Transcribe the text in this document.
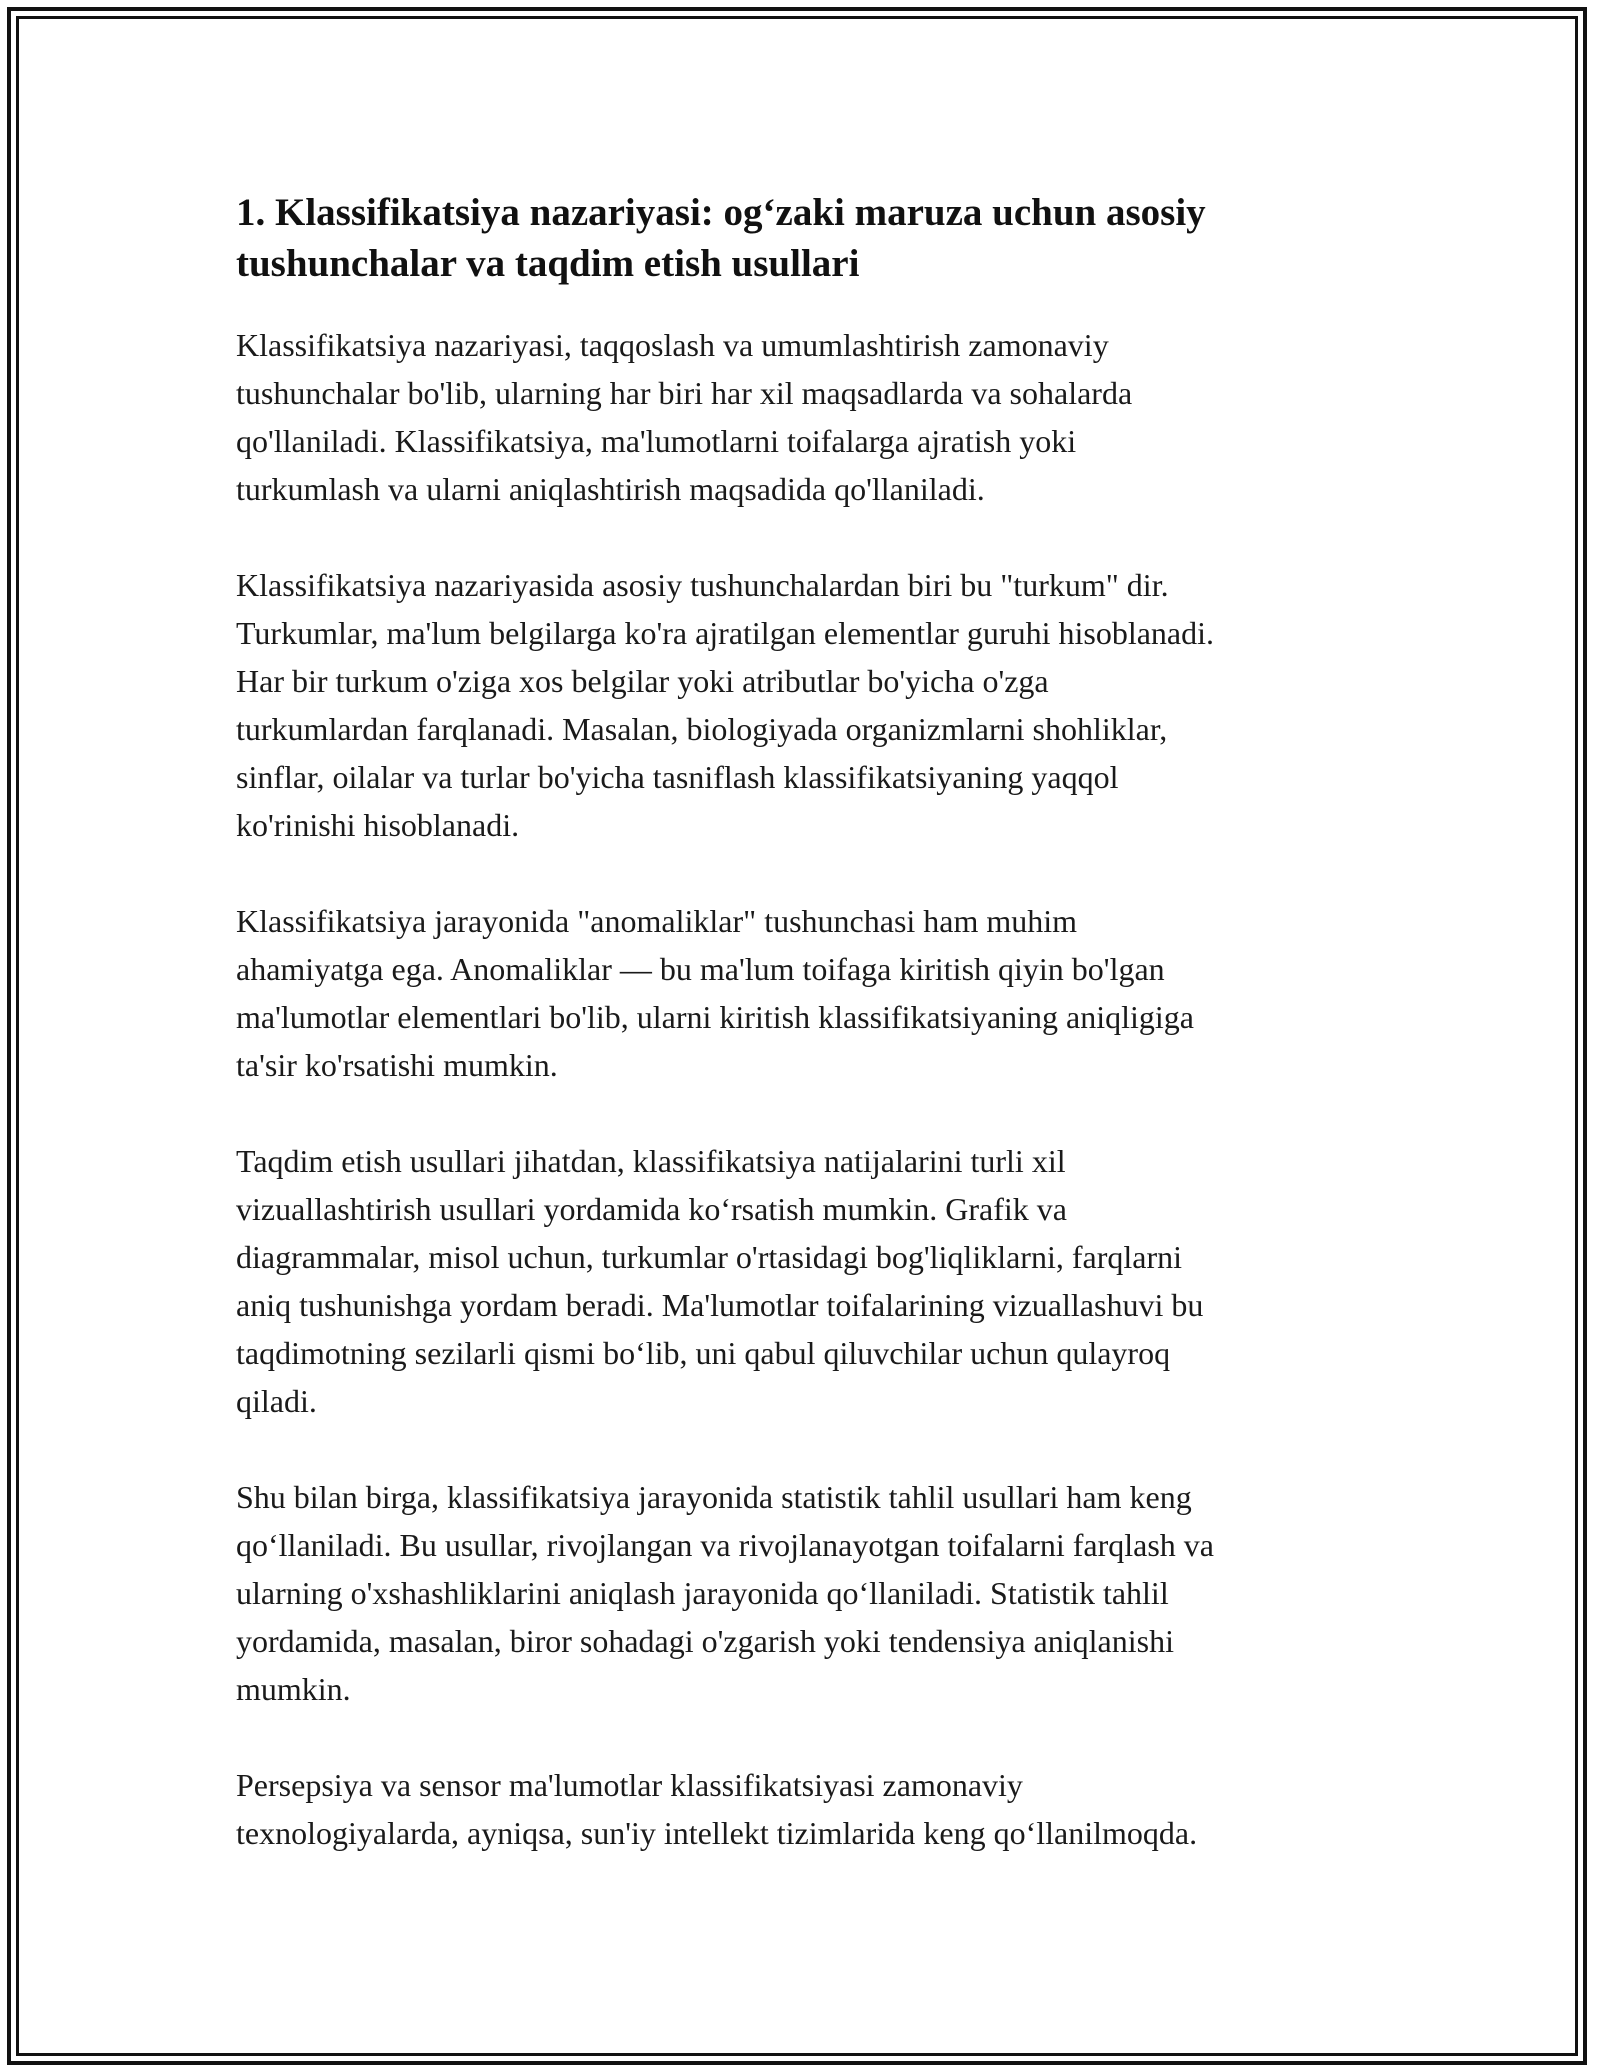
1. Klassifikatsiya nazariyasi: og‘zaki maruza uchun asosiy
tushunchalar va taqdim etish usullari

Klassifikatsiya nazariyasi, taqqoslash va umumlashtirish zamonaviy
tushunchalar bo'lib, ularning har biri har xil maqsadlarda va sohalarda
qo'llaniladi. Klassifikatsiya, ma'lumotlarni toifalarga ajratish yoki
turkumlash va ularni aniqlashtirish maqsadida qo'llaniladi.

Klassifikatsiya nazariyasida asosiy tushunchalardan biri bu "turkum" dir.
Turkumlar, ma'lum belgilarga ko'ra ajratilgan elementlar guruhi hisoblanadi.
Har bir turkum o'ziga xos belgilar yoki atributlar bo'yicha o'zga
turkumlardan farqlanadi. Masalan, biologiyada organizmlarni shohliklar,
sinflar, oilalar va turlar bo'yicha tasniflash klassifikatsiyaning yaqqol
ko'rinishi hisoblanadi.

Klassifikatsiya jarayonida "anomaliklar" tushunchasi ham muhim
ahamiyatga ega. Anomaliklar — bu ma'lum toifaga kiritish qiyin bo'lgan
ma'lumotlar elementlari bo'lib, ularni kiritish klassifikatsiyaning aniqligiga
ta'sir ko'rsatishi mumkin.

Taqdim etish usullari jihatdan, klassifikatsiya natijalarini turli xil
vizuallashtirish usullari yordamida ko‘rsatish mumkin. Grafik va
diagrammalar, misol uchun, turkumlar o'rtasidagi bog'liqliklarni, farqlarni
aniq tushunishga yordam beradi. Ma'lumotlar toifalarining vizuallashuvi bu
taqdimotning sezilarli qismi bo‘lib, uni qabul qiluvchilar uchun qulayroq
qiladi.

Shu bilan birga, klassifikatsiya jarayonida statistik tahlil usullari ham keng
qo‘llaniladi. Bu usullar, rivojlangan va rivojlanayotgan toifalarni farqlash va
ularning o'xshashliklarini aniqlash jarayonida qo‘llaniladi. Statistik tahlil
yordamida, masalan, biror sohadagi o'zgarish yoki tendensiya aniqlanishi
mumkin.

Persepsiya va sensor ma'lumotlar klassifikatsiyasi zamonaviy
texnologiyalarda, ayniqsa, sun'iy intellekt tizimlarida keng qo‘llanilmoqda.
